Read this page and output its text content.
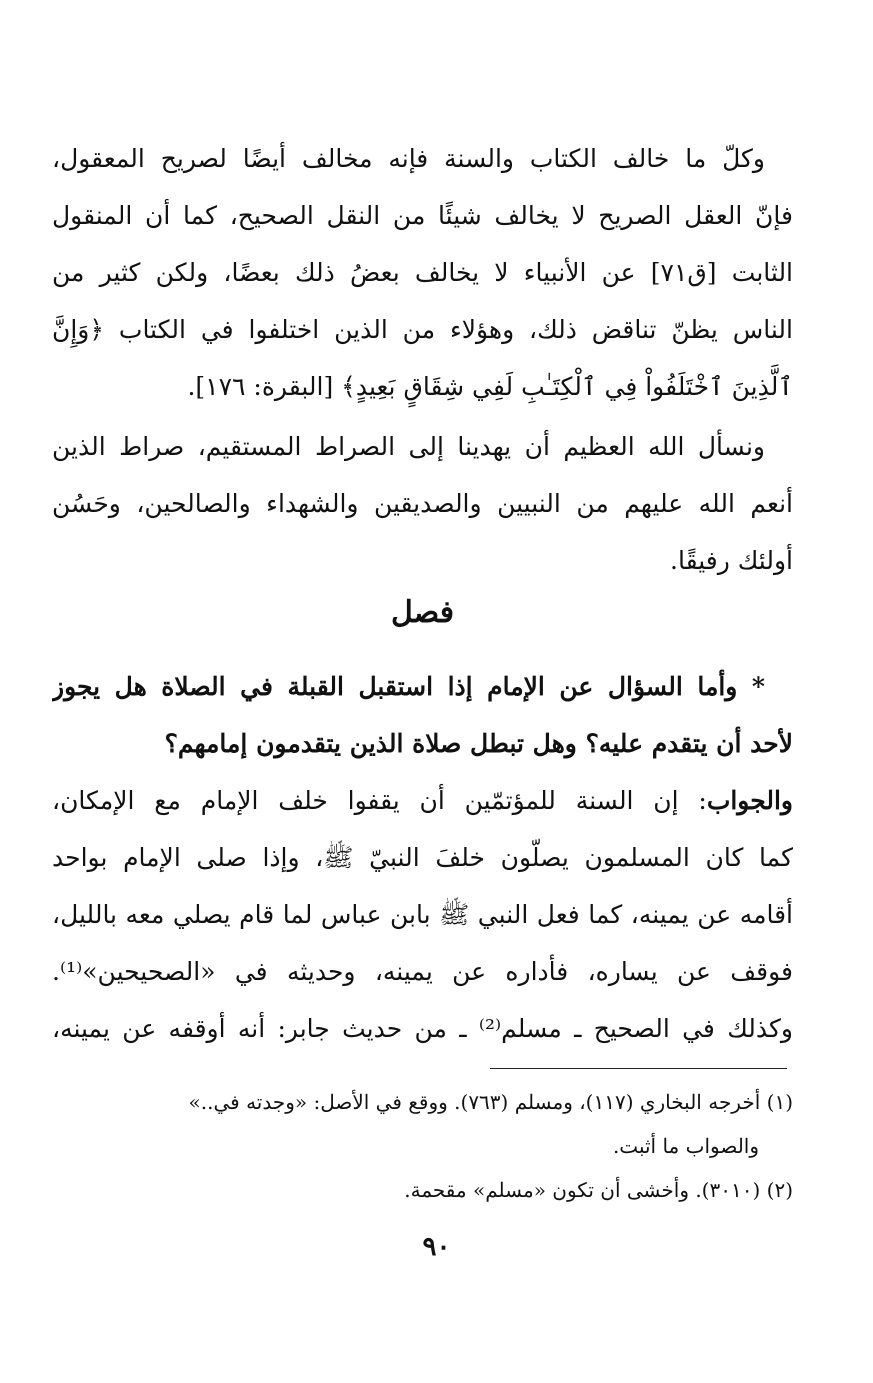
وكلّ ما خالف الكتاب والسنة فإنه مخالف أيضًا لصريح المعقول،
فإنّ العقل الصريح لا يخالف شيئًا من النقل الصحيح، كما أن المنقول
الثابت [ق٧١] عن الأنبياء لا يخالف بعضُ ذلك بعضًا، ولكن كثير من
الناس يظنّ تناقض ذلك، وهؤلاء من الذين اختلفوا في الكتاب ﴿وَإِنَّ
ٱلَّذِينَ ٱخْتَلَفُواْ فِي ٱلْكِتَـٰبِ لَفِي شِقَاقٍ بَعِيدٍ﴾ [البقرة: ١٧٦].
ونسأل الله العظيم أن يهدينا إلى الصراط المستقيم، صراط الذين
أنعم الله عليهم من النبيين والصديقين والشهداء والصالحين، وحَسُن
أولئك رفيقًا.
فصل
* وأما السؤال عن الإمام إذا استقبل القبلة في الصلاة هل يجوز
لأحد أن يتقدم عليه؟ وهل تبطل صلاة الذين يتقدمون إمامهم؟
والجواب: إن السنة للمؤتمّين أن يقفوا خلف الإمام مع الإمكان،
كما كان المسلمون يصلّون خلفَ النبيّ ﷺ، وإذا صلى الإمام بواحد
أقامه عن يمينه، كما فعل النبي ﷺ بابن عباس لما قام يصلي معه بالليل،
فوقف عن يساره، فأداره عن يمينه، وحديثه في «الصحيحين»⁽¹⁾.
وكذلك في الصحيح ـ مسلم⁽²⁾ ـ من حديث جابر: أنه أوقفه عن يمينه،
(١) أخرجه البخاري (١١٧)، ومسلم (٧٦٣). ووقع في الأصل: «وجدته في..»
والصواب ما أثبت.
(٢) (٣٠١٠). وأخشى أن تكون «مسلم» مقحمة.
٩٠
